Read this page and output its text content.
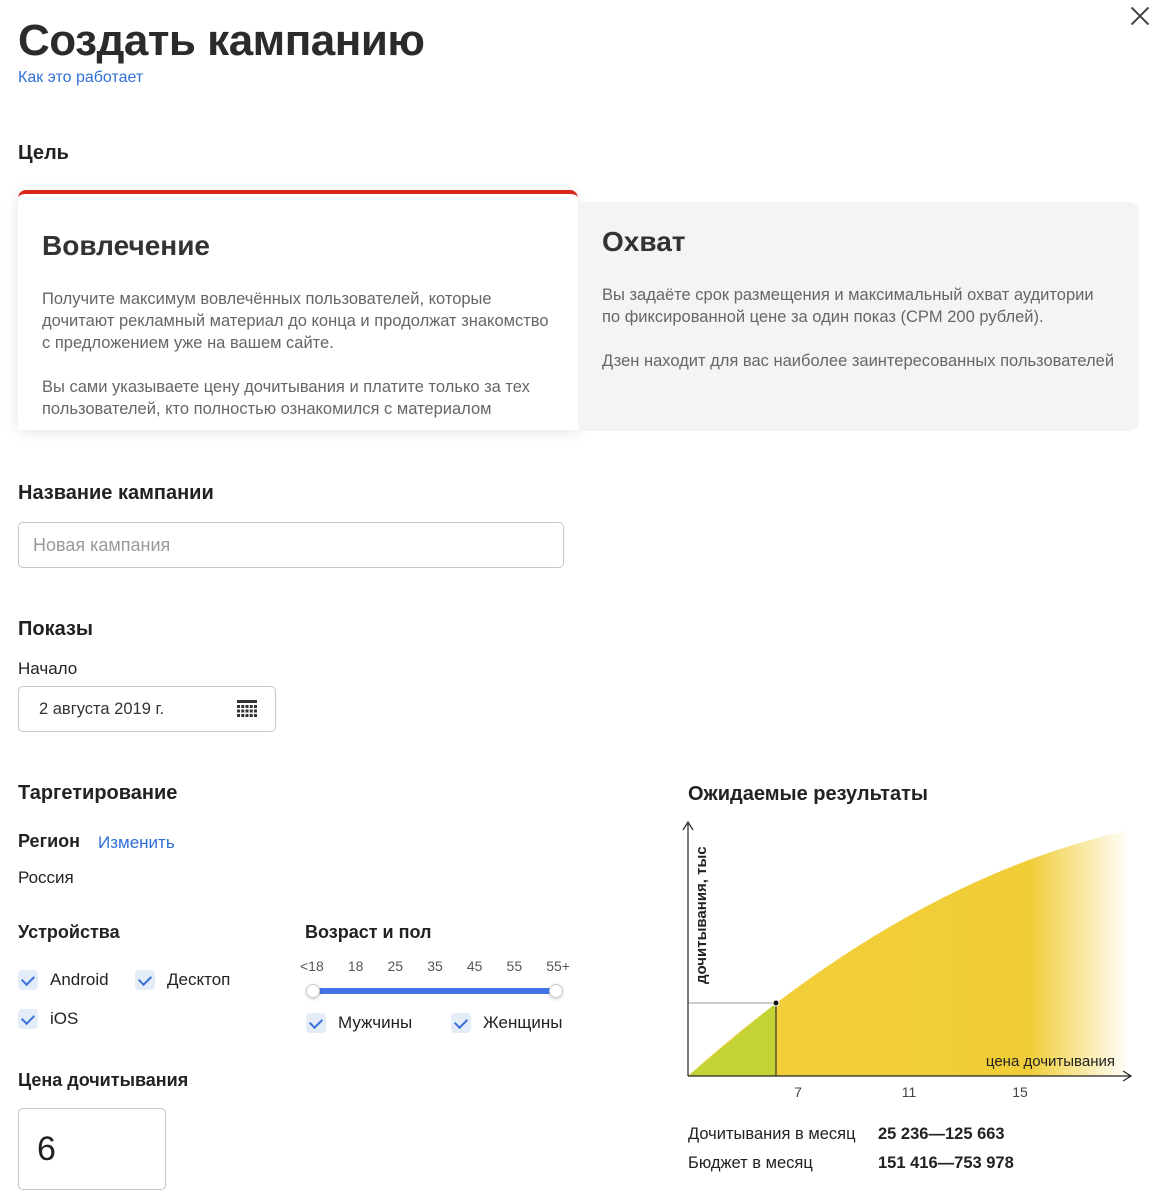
Создать кампанию
Как это работает
Цель
Вовлечение

Получите максимум вовлечённых пользователей, которые дочитают рекламный материал до конца и продолжат знакомство с предложением уже на вашем сайте.

Вы сами указываете цену дочитывания и платите только за тех пользователей, кто полностью ознакомился с материалом

Охват

Вы задаёте срок размещения и максимальный охват аудитории по фиксированной цене за один показ (CPM 200 рублей).

Дзен находит для вас наиболее заинтересованных пользователей

Название кампании
Новая кампания
Показы
Начало
2 августа 2019 г.
Таргетирование
Регион Изменить
Россия
Устройства
Android	Десктоп
iOS
Возраст и пол
<18 18 25 35 45 55 55+
Мужчины	Женщины
Цена дочитывания
6
Ожидаемые результаты
дочитывания, тыс
цена дочитывания
7	11	15
Дочитывания в месяц 25 236—125 663
Бюджет в месяц	151 416—753 978
